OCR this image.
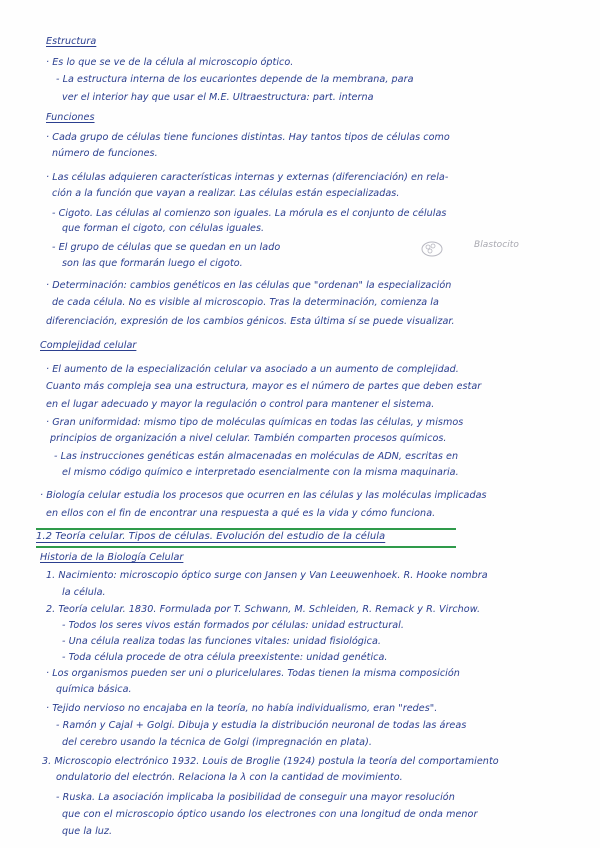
Estructura
· Es lo que se ve de la célula al microscopio óptico.
- La estructura interna de los eucariontes depende de la membrana, para
ver el interior hay que usar el M.E. Ultraestructura: part. interna
Funciones
· Cada grupo de células tiene funciones distintas. Hay tantos tipos de células como
número de funciones.
· Las células adquieren características internas y externas (diferenciación) en rela-
ción a la función que vayan a realizar. Las células están especializadas.
- Cigoto. Las células al comienzo son iguales. La mórula es el conjunto de células
que forman el cigoto, con células iguales.
- El grupo de células que se quedan en un lado
son las que formarán luego el cigoto.
Blastocito
· Determinación: cambios genéticos en las células que "ordenan" la especialización
de cada célula. No es visible al microscopio. Tras la determinación, comienza la
diferenciación, expresión de los cambios génicos. Esta última sí se puede visualizar.
Complejidad celular
· El aumento de la especialización celular va asociado a un aumento de complejidad.
Cuanto más compleja sea una estructura, mayor es el número de partes que deben estar
en el lugar adecuado y mayor la regulación o control para mantener el sistema.
· Gran uniformidad: mismo tipo de moléculas químicas en todas las células, y mismos
principios de organización a nivel celular. También comparten procesos químicos.
- Las instrucciones genéticas están almacenadas en moléculas de ADN, escritas en
el mismo código químico e interpretado esencialmente con la misma maquinaria.
· Biología celular estudia los procesos que ocurren en las células y las moléculas implicadas
en ellos con el fin de encontrar una respuesta a qué es la vida y cómo funciona.
1.2 Teoría celular. Tipos de células. Evolución del estudio de la célula
Historia de la Biología Celular
1. Nacimiento: microscopio óptico surge con Jansen y Van Leeuwenhoek. R. Hooke nombra
la célula.
2. Teoría celular. 1830. Formulada por T. Schwann, M. Schleiden, R. Remack y R. Virchow.
- Todos los seres vivos están formados por células: unidad estructural.
- Una célula realiza todas las funciones vitales: unidad fisiológica.
- Toda célula procede de otra célula preexistente: unidad genética.
· Los organismos pueden ser uni o pluricelulares. Todas tienen la misma composición
química básica.
· Tejido nervioso no encajaba en la teoría, no había individualismo, eran "redes".
- Ramón y Cajal + Golgi. Dibuja y estudia la distribución neuronal de todas las áreas
del cerebro usando la técnica de Golgi (impregnación en plata).
3. Microscopio electrónico 1932. Louis de Broglie (1924) postula la teoría del comportamiento
ondulatorio del electrón. Relaciona la λ con la cantidad de movimiento.
- Ruska. La asociación implicaba la posibilidad de conseguir una mayor resolución
que con el microscopio óptico usando los electrones con una longitud de onda menor
que la luz.
